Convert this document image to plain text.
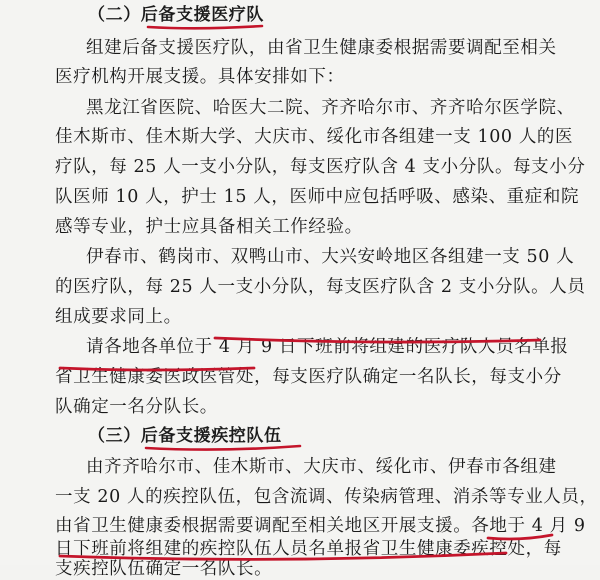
（二）后备支援医疗队
组建后备支援医疗队，由省卫生健康委根据需要调配至相关
医疗机构开展支援。具体安排如下：
黑龙江省医院、哈医大二院、齐齐哈尔市、齐齐哈尔医学院、
佳木斯市、佳木斯大学、大庆市、绥化市各组建一支 100 人的医
疗队，每 25 人一支小分队，每支医疗队含 4 支小分队。每支小分
队医师 10 人，护士 15 人，医师中应包括呼吸、感染、重症和院
感等专业，护士应具备相关工作经验。
伊春市、鹤岗市、双鸭山市、大兴安岭地区各组建一支 50 人
的医疗队，每 25 人一支小分队，每支医疗队含 2 支小分队。人员
组成要求同上。
请各地各单位于 4 月 9 日下班前将组建的医疗队人员名单报
省卫生健康委医政医管处，每支医疗队确定一名队长，每支小分
队确定一名分队长。
（三）后备支援疾控队伍
由齐齐哈尔市、佳木斯市、大庆市、绥化市、伊春市各组建
一支 20 人的疾控队伍，包含流调、传染病管理、消杀等专业人员，
由省卫生健康委根据需要调配至相关地区开展支援。各地于 4 月 9
日下班前将组建的疾控队伍人员名单报省卫生健康委疾控处，每
支疾控队伍确定一名队长。
